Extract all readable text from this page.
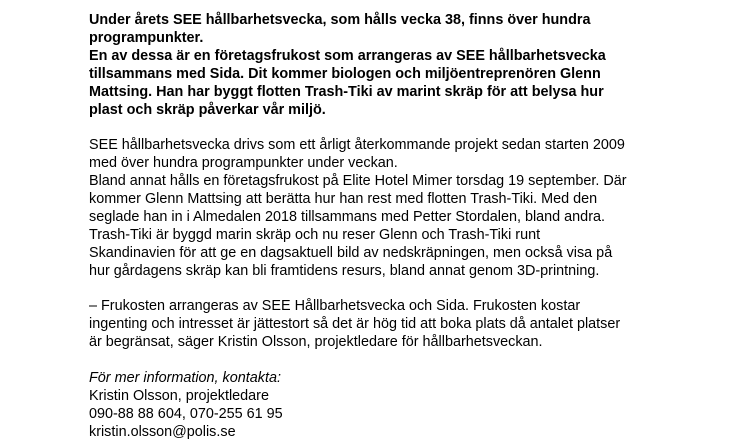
Under årets SEE hållbarhetsvecka, som hålls vecka 38, finns över hundra
programpunkter.
En av dessa är en företagsfrukost som arrangeras av SEE hållbarhetsvecka
tillsammans med Sida. Dit kommer biologen och miljöentreprenören Glenn
Mattsing. Han har byggt flotten Trash-Tiki av marint skräp för att belysa hur
plast och skräp påverkar vår miljö.
SEE hållbarhetsvecka drivs som ett årligt återkommande projekt sedan starten 2009
med över hundra programpunkter under veckan.
Bland annat hålls en företagsfrukost på Elite Hotel Mimer torsdag 19 september. Där
kommer Glenn Mattsing att berätta hur han rest med flotten Trash-Tiki. Med den
seglade han in i Almedalen 2018 tillsammans med Petter Stordalen, bland andra.
Trash-Tiki är byggd marin skräp och nu reser Glenn och Trash-Tiki runt
Skandinavien för att ge en dagsaktuell bild av nedskräpningen, men också visa på
hur gårdagens skräp kan bli framtidens resurs, bland annat genom 3D-printning.
– Frukosten arrangeras av SEE Hållbarhetsvecka och Sida. Frukosten kostar
ingenting och intresset är jättestort så det är hög tid att boka plats då antalet platser
är begränsat, säger Kristin Olsson, projektledare för hållbarhetsveckan.
För mer information, kontakta:
Kristin Olsson, projektledare
090-88 88 604, 070-255 61 95
kristin.olsson@polis.se
